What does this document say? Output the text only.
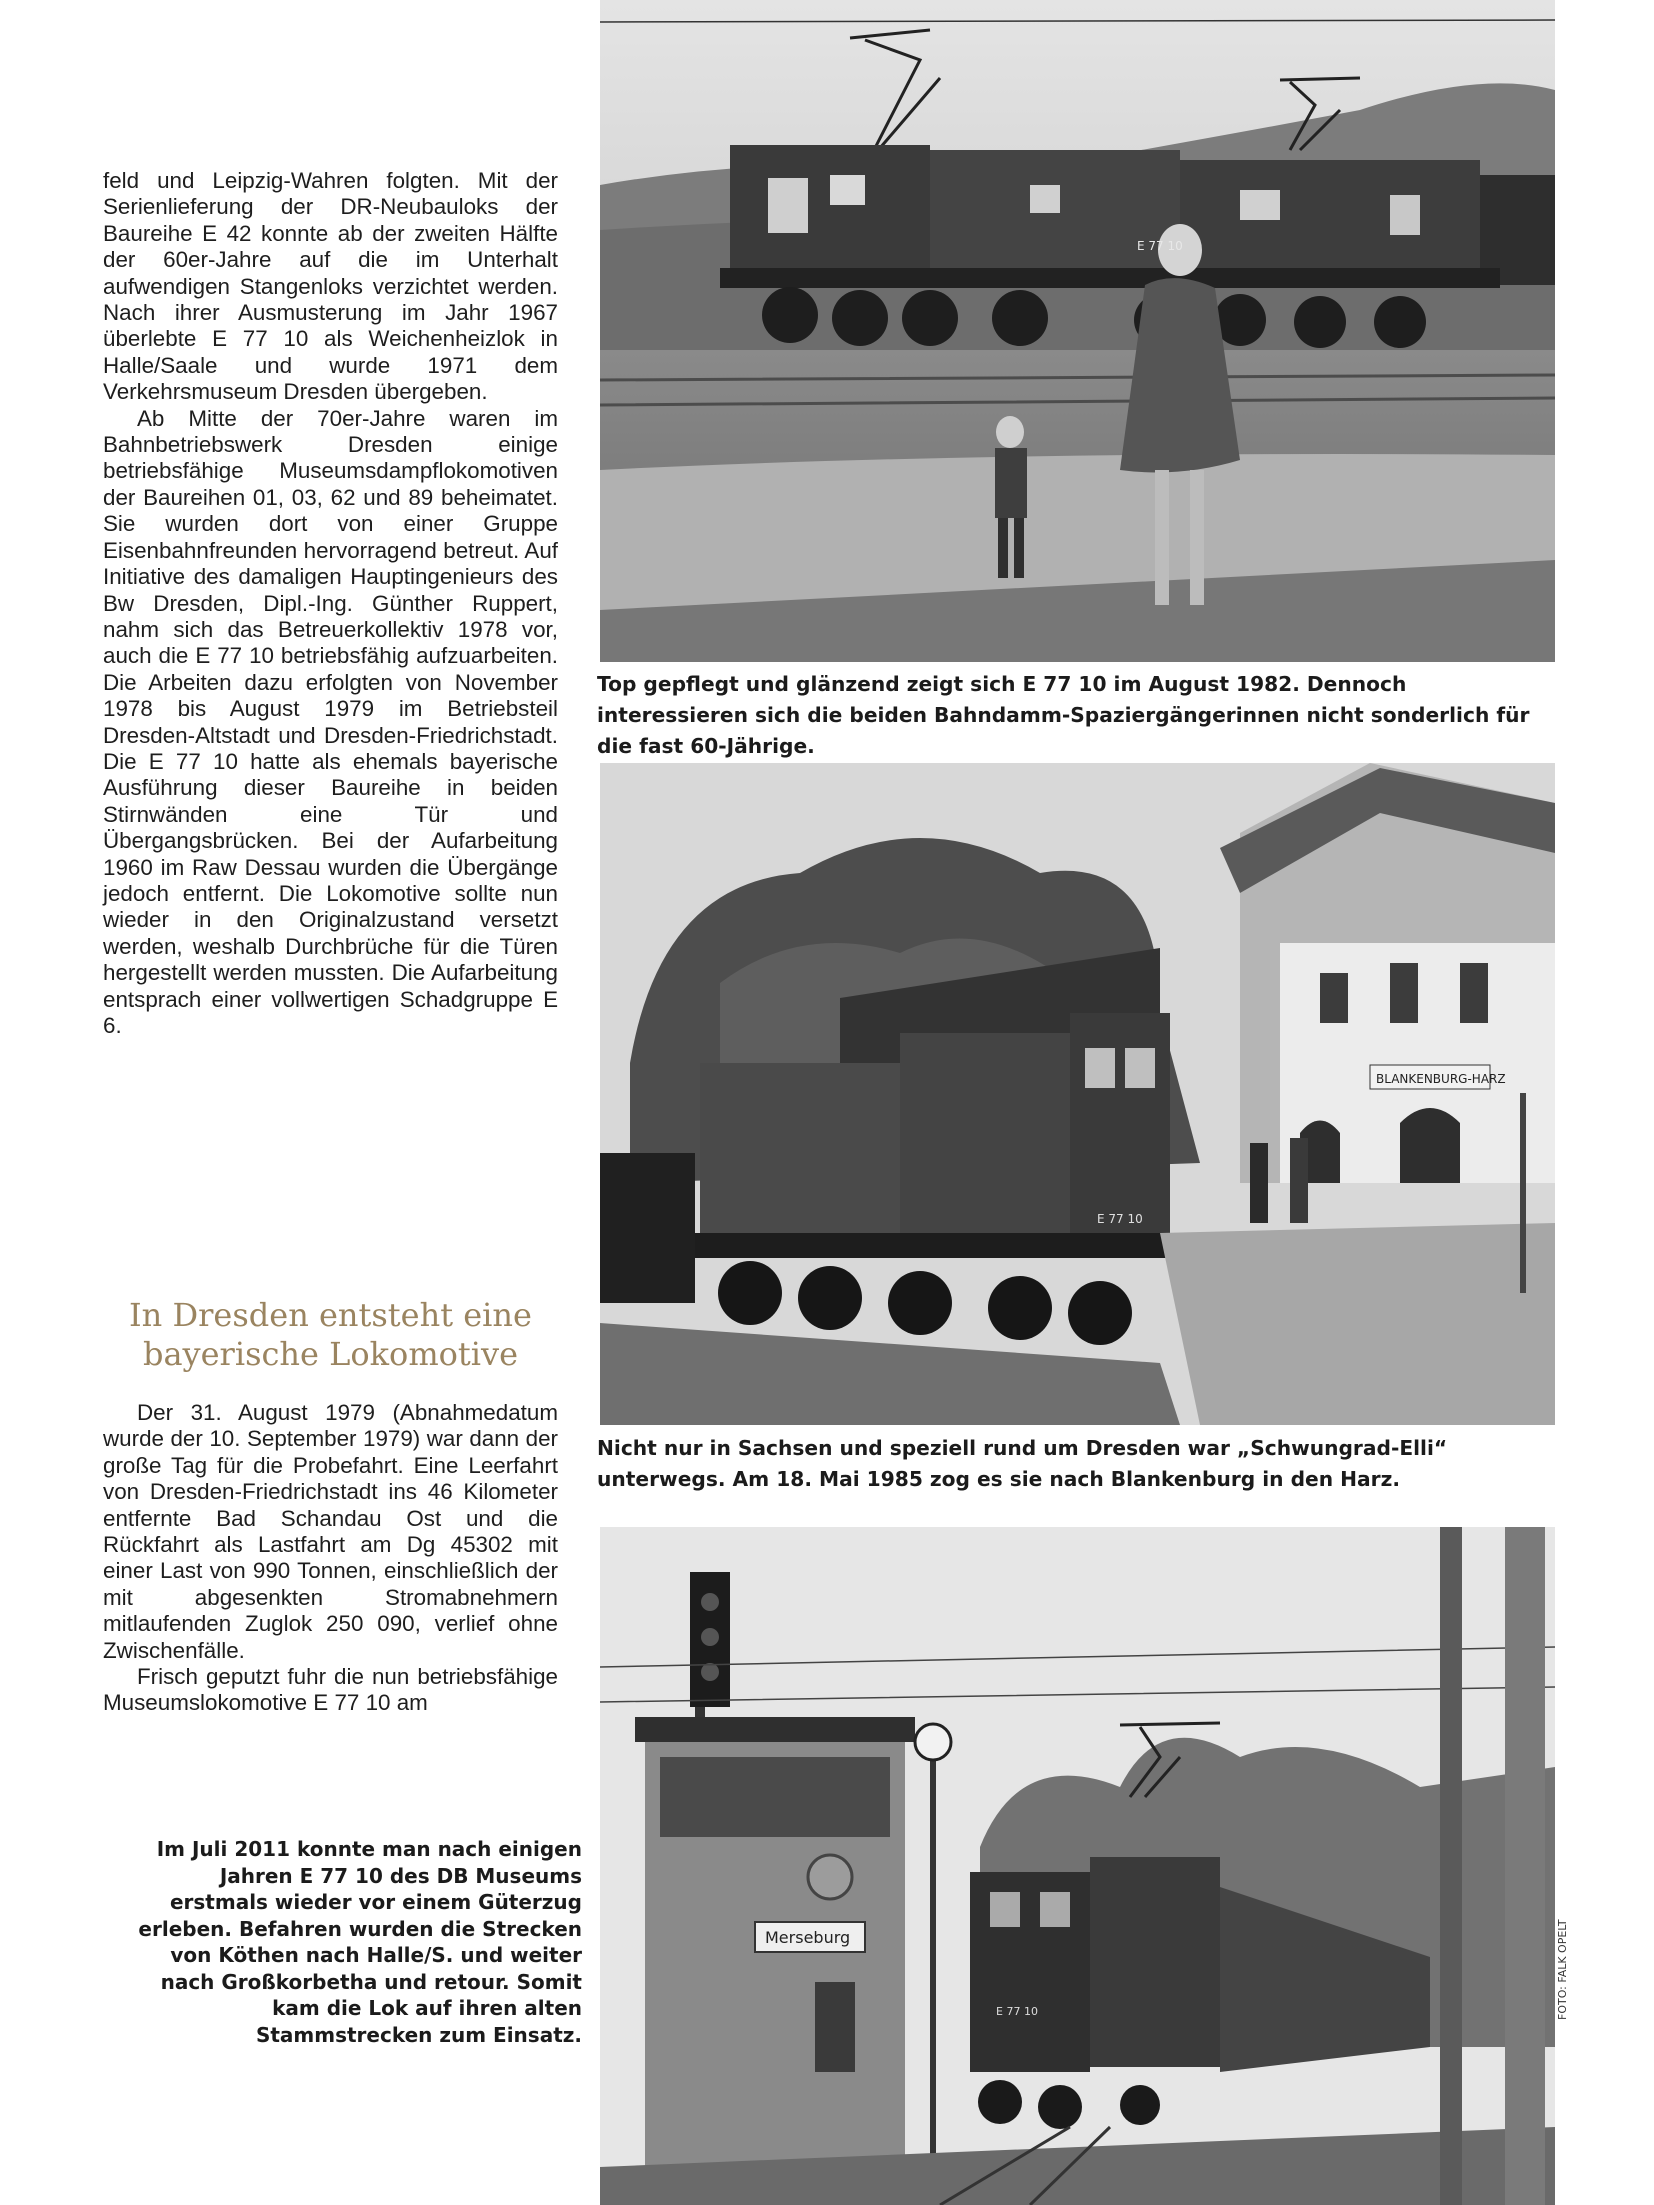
feld und Leipzig-Wahren folgten. Mit der Serienlieferung der DR-Neubauloks der Baureihe E 42 konnte ab der zweiten Hälfte der 60er-Jahre auf die im Unterhalt aufwendigen Stangenloks verzichtet werden. Nach ihrer Ausmusterung im Jahr 1967 überlebte E 77 10 als Weichenheizlok in Halle/Saale und wurde 1971 dem Verkehrsmuseum Dresden übergeben.

Ab Mitte der 70er-Jahre waren im Bahnbetriebswerk Dresden einige betriebsfähige Museumsdampflokomotiven der Baureihen 01, 03, 62 und 89 beheimatet. Sie wurden dort von einer Gruppe Eisenbahnfreunden hervorragend betreut. Auf Initiative des damaligen Hauptingenieurs des Bw Dresden, Dipl.-Ing. Günther Ruppert, nahm sich das Betreuerkollektiv 1978 vor, auch die E 77 10 betriebsfähig aufzuarbeiten. Die Arbeiten dazu erfolgten von November 1978 bis August 1979 im Betriebsteil Dresden-Altstadt und Dresden-Friedrichstadt. Die E 77 10 hatte als ehemals bayerische Ausführung dieser Baureihe in beiden Stirnwänden eine Tür und Übergangsbrücken. Bei der Aufarbeitung 1960 im Raw Dessau wurden die Übergänge jedoch entfernt. Die Lokomotive sollte nun wieder in den Originalzustand versetzt werden, weshalb Durchbrüche für die Türen hergestellt werden mussten. Die Aufarbeitung entsprach einer vollwertigen Schadgruppe E 6.

In Dresden entsteht eine
bayerische Lokomotive

Der 31. August 1979 (Abnahmedatum wurde der 10. September 1979) war dann der große Tag für die Probefahrt. Eine Leerfahrt von Dresden-Friedrichstadt ins 46 Kilometer entfernte Bad Schandau Ost und die Rückfahrt als Lastfahrt am Dg 45302 mit einer Last von 990 Tonnen, einschließlich der mit abgesenkten Stromabnehmern mitlaufenden Zuglok 250 090, verlief ohne Zwischenfälle.

Frisch geputzt fuhr die nun betriebsfähige Museumslokomotive E 77 10 am

Im Juli 2011 konnte man nach einigen Jahren E 77 10 des DB Museums erstmals wieder vor einem Güterzug erleben. Befahren wurden die Strecken von Köthen nach Halle/S. und weiter nach Großkorbetha und retour. Somit kam die Lok auf ihren alten Stammstrecken zum Einsatz.
E 77 10
Top gepflegt und glänzend zeigt sich E 77 10 im August 1982. Dennoch interessieren sich die beiden Bahndamm-Spaziergängerinnen nicht sonderlich für die fast 60-Jährige.
BLANKENBURG-HARZ
E 77 10
Nicht nur in Sachsen und speziell rund um Dresden war „Schwungrad-Elli“ unterwegs. Am 18. Mai 1985 zog es sie nach Blankenburg in den Harz.
Merseburg
E 77 10	FOTO: FALK OPELT
